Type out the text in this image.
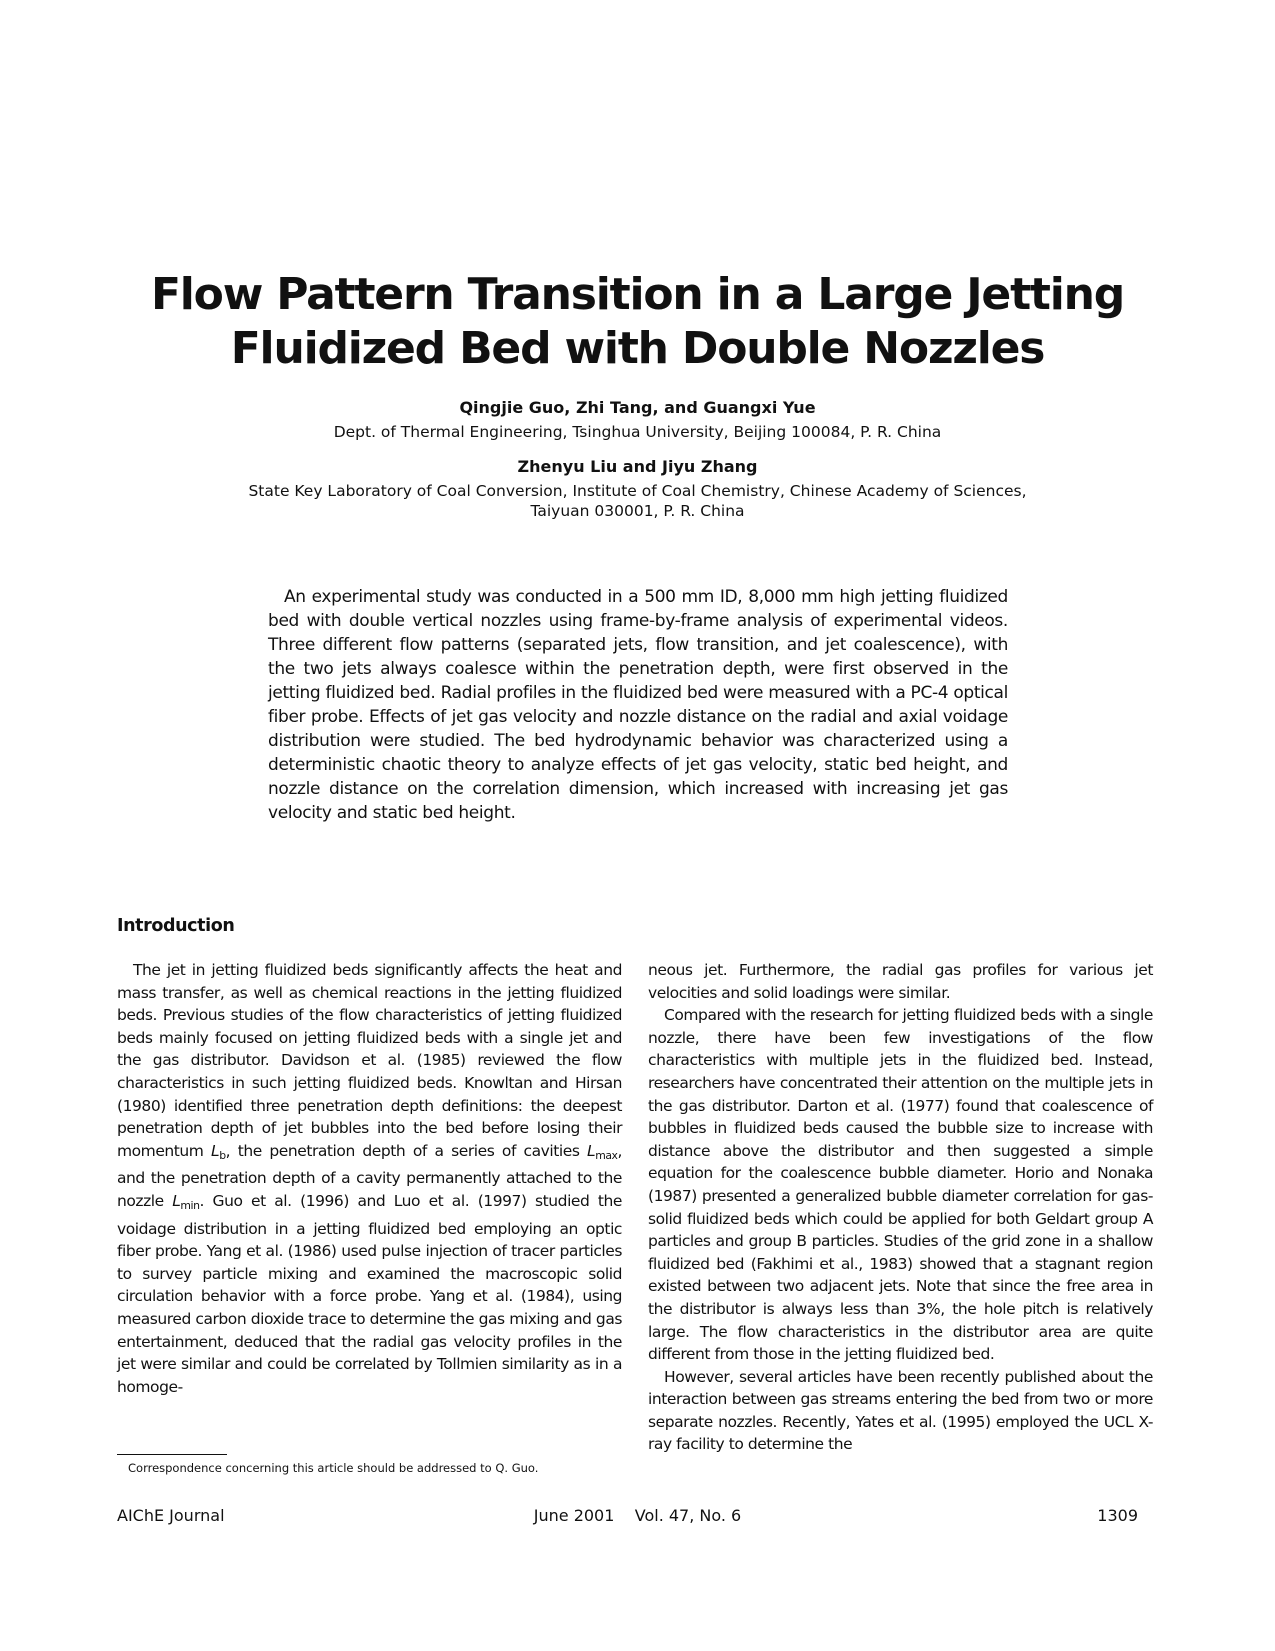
Flow Pattern Transition in a Large Jetting Fluidized Bed with Double Nozzles
Qingjie Guo, Zhi Tang, and Guangxi Yue
Dept. of Thermal Engineering, Tsinghua University, Beijing 100084, P. R. China
Zhenyu Liu and Jiyu Zhang
State Key Laboratory of Coal Conversion, Institute of Coal Chemistry, Chinese Academy of Sciences,
Taiyuan 030001, P. R. China

An experimental study was conducted in a 500 mm ID, 8,000 mm high jetting fluidized bed with double vertical nozzles using frame-by-frame analysis of experimental videos. Three different flow patterns (separated jets, flow transition, and jet coalescence), with the two jets always coalesce within the penetration depth, were first observed in the jetting fluidized bed. Radial profiles in the fluidized bed were measured with a PC-4 optical fiber probe. Effects of jet gas velocity and nozzle distance on the radial and axial voidage distribution were studied. The bed hydrodynamic behavior was characterized using a deterministic chaotic theory to analyze effects of jet gas velocity, static bed height, and nozzle distance on the correlation dimension, which increased with increasing jet gas velocity and static bed height.

Introduction

The jet in jetting fluidized beds significantly affects the heat and mass transfer, as well as chemical reactions in the jetting fluidized beds. Previous studies of the flow characteristics of jetting fluidized beds mainly focused on jetting fluidized beds with a single jet and the gas distributor. Davidson et al. (1985) reviewed the flow characteristics in such jetting fluidized beds. Knowltan and Hirsan (1980) identified three penetration depth definitions: the deepest penetration depth of jet bubbles into the bed before losing their momentum $L_b$, the penetration depth of a series of cavities $L_{max}$, and the penetration depth of a cavity permanently attached to the nozzle $L_{min}$. Guo et al. (1996) and Luo et al. (1997) studied the voidage distribution in a jetting fluidized bed employing an optic fiber probe. Yang et al. (1986) used pulse injection of tracer particles to survey particle mixing and examined the macroscopic solid circulation behavior with a force probe. Yang et al. (1984), using measured carbon dioxide trace to determine the gas mixing and gas entertainment, deduced that the radial gas velocity profiles in the jet were similar and could be correlated by Tollmien similarity as in a homoge-

neous jet. Furthermore, the radial gas profiles for various jet velocities and solid loadings were similar.

Compared with the research for jetting fluidized beds with a single nozzle, there have been few investigations of the flow characteristics with multiple jets in the fluidized bed. Instead, researchers have concentrated their attention on the multiple jets in the gas distributor. Darton et al. (1977) found that coalescence of bubbles in fluidized beds caused the bubble size to increase with distance above the distributor and then suggested a simple equation for the coalescence bubble diameter. Horio and Nonaka (1987) presented a generalized bubble diameter correlation for gas-solid fluidized beds which could be applied for both Geldart group A particles and group B particles. Studies of the grid zone in a shallow fluidized bed (Fakhimi et al., 1983) showed that a stagnant region existed between two adjacent jets. Note that since the free area in the distributor is always less than 3%, the hole pitch is relatively large. The flow characteristics in the distributor area are quite different from those in the jetting fluidized bed.

However, several articles have been recently published about the interaction between gas streams entering the bed from two or more separate nozzles. Recently, Yates et al. (1995) employed the UCL X-ray facility to determine the

Correspondence concerning this article should be addressed to Q. Guo.
AIChE Journal	June 2001    Vol. 47, No. 6	1309
